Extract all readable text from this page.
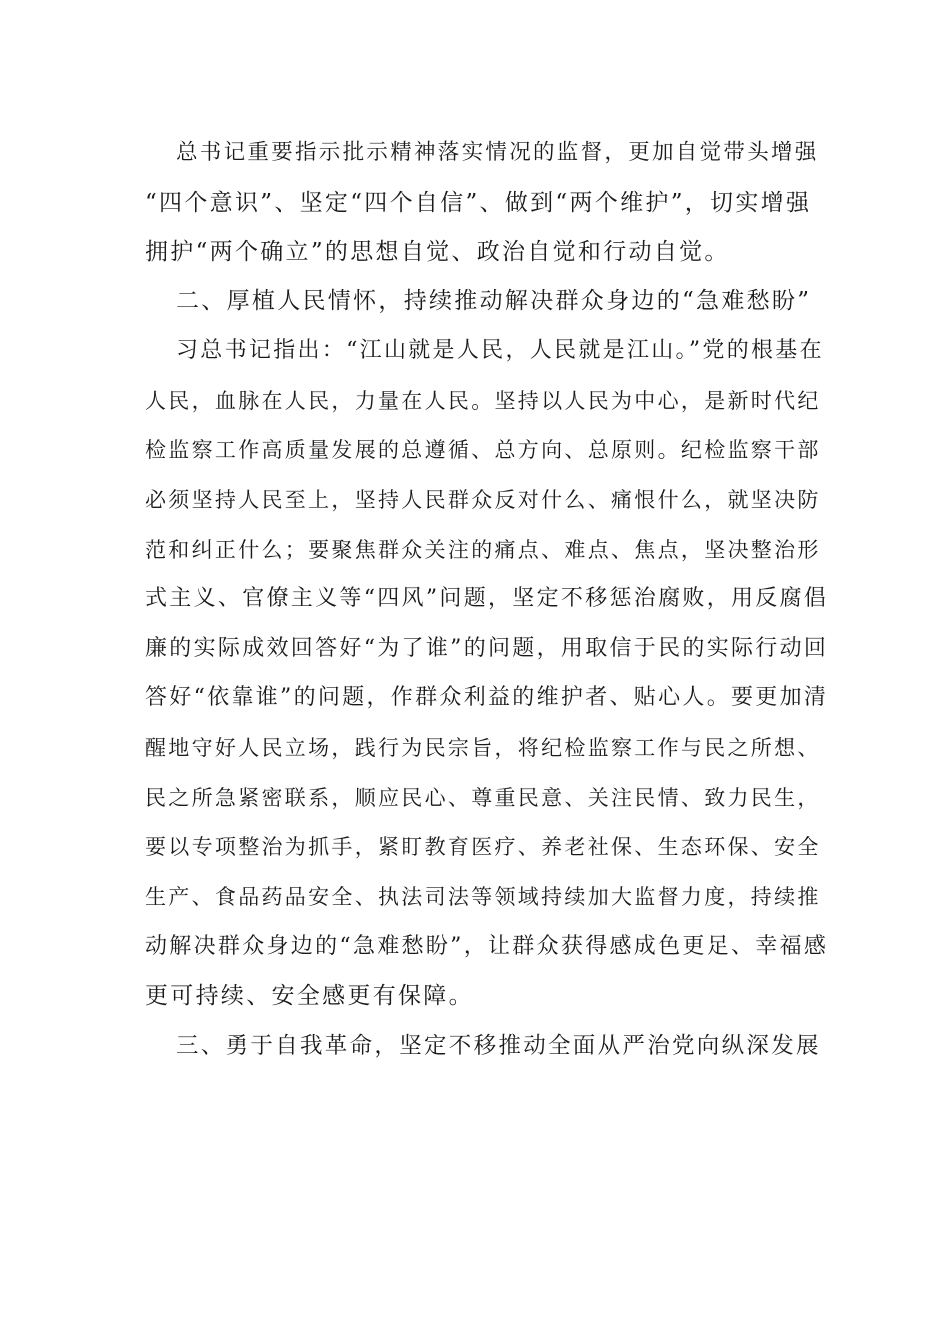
总书记重要指示批示精神落实情况的监督，更加自觉带头增强
“四个意识”、坚定“四个自信”、做到“两个维护”，切实增强
拥护“两个确立”的思想自觉、政治自觉和行动自觉。
二、厚植人民情怀，持续推动解决群众身边的“急难愁盼”
习总书记指出：“江山就是人民，人民就是江山。”党的根基在
人民，血脉在人民，力量在人民。坚持以人民为中心，是新时代纪
检监察工作高质量发展的总遵循、总方向、总原则。纪检监察干部
必须坚持人民至上，坚持人民群众反对什么、痛恨什么，就坚决防
范和纠正什么；要聚焦群众关注的痛点、难点、焦点，坚决整治形
式主义、官僚主义等“四风”问题，坚定不移惩治腐败，用反腐倡
廉的实际成效回答好“为了谁”的问题，用取信于民的实际行动回
答好“依靠谁”的问题，作群众利益的维护者、贴心人。要更加清
醒地守好人民立场，践行为民宗旨，将纪检监察工作与民之所想、
民之所急紧密联系，顺应民心、尊重民意、关注民情、致力民生，
要以专项整治为抓手，紧盯教育医疗、养老社保、生态环保、安全
生产、食品药品安全、执法司法等领域持续加大监督力度，持续推
动解决群众身边的“急难愁盼”，让群众获得感成色更足、幸福感
更可持续、安全感更有保障。
三、勇于自我革命，坚定不移推动全面从严治党向纵深发展
